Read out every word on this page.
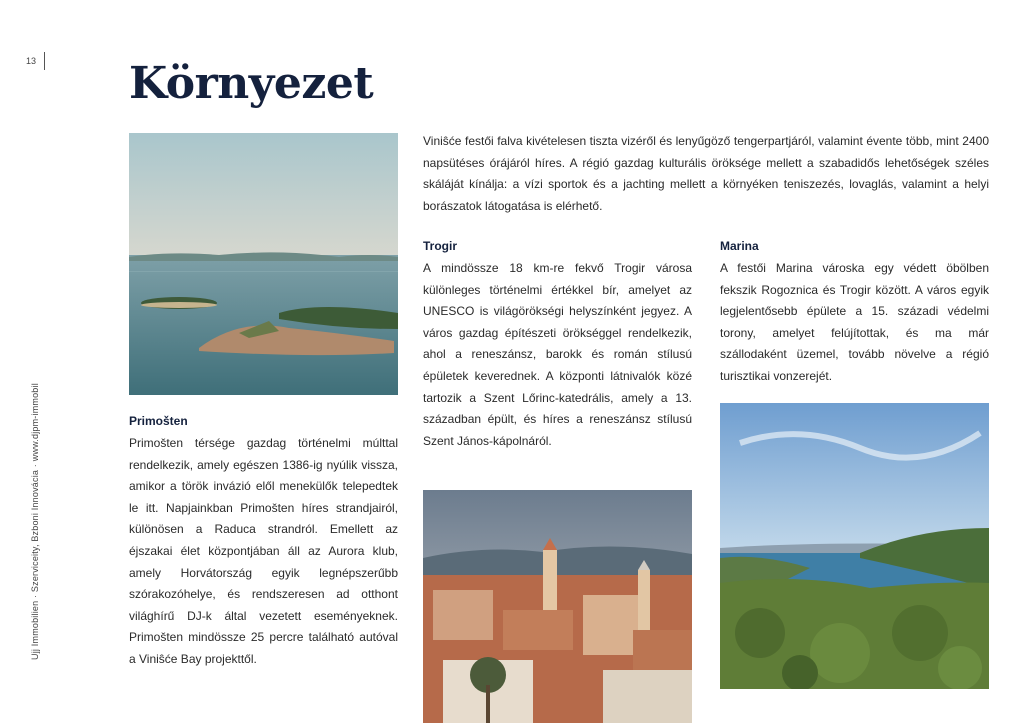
13
Ujj Immobilien · Szerviceity, Bzboni Innovácia · www.djpm-immobil
Környezet
Primošten
Primošten térsége gazdag történelmi múlttal rendelkezik, amely egészen 1386-ig nyúlik vissza, amikor a török invázió elől menekülők telepedtek le itt. Napjainkban Primošten híres strandjairól, különösen a Raduca strandról. Emellett az éjszakai élet központjában áll az Aurora klub, amely Horvátország egyik legnépszerűbb szórakozóhelye, és rendszeresen ad otthont világhírű DJ-k által vezetett eseményeknek. Primošten mindössze 25 percre található autóval a Viniŝće Bay projekttől.
Viniŝće festői falva kivételesen tiszta vizéről és lenyűgöző tengerpartjáról, valamint évente több, mint 2400 napsütéses órájáról híres. A régió gazdag kulturális öröksége mellett a szabadidős lehetőségek széles skáláját kínálja: a vízi sportok és a jachting mellett a környéken teniszezés, lovaglás, valamint a helyi borászatok látogatása is elérhető.
Trogir
A mindössze 18 km-re fekvő Trogir városa különleges történelmi értékkel bír, amelyet az UNESCO is világörökségi helyszínként jegyez. A város gazdag építészeti örökséggel rendelkezik, ahol a reneszánsz, barokk és román stílusú épületek keverednek. A központi látnivalók közé tartozik a Szent Lőrinc-katedrális, amely a 13. században épült, és híres a reneszánsz stílusú Szent János-kápolnáról.
Marina
A festői Marina városka egy védett öbölben fekszik Rogoznica és Trogir között. A város egyik legjelentősebb épülete a 15. századi védelmi torony, amelyet felújítottak, és ma már szállodaként üzemel, tovább növelve a régió turisztikai vonzerejét.
